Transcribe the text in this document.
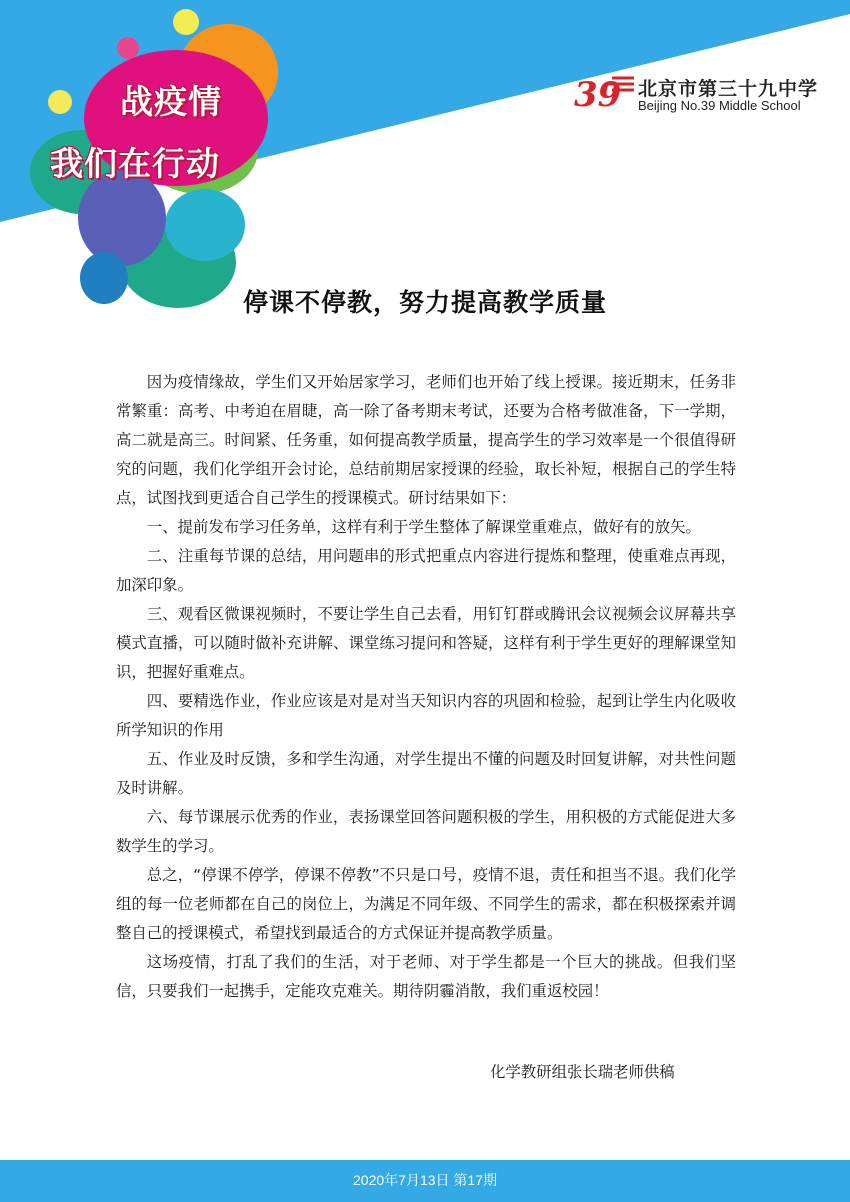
战疫情
我们在行动
39 北京市第三十九中学
Beijing No.39 Middle School
停课不停教，努力提高教学质量

因为疫情缘故，学生们又开始居家学习，老师们也开始了线上授课。接近期末，任务非常繁重：高考、中考迫在眉睫，高一除了备考期末考试，还要为合格考做准备，下一学期，高二就是高三。时间紧、任务重，如何提高教学质量，提高学生的学习效率是一个很值得研究的问题，我们化学组开会讨论，总结前期居家授课的经验，取长补短，根据自己的学生特点，试图找到更适合自己学生的授课模式。研讨结果如下：

一、提前发布学习任务单，这样有利于学生整体了解课堂重难点，做好有的放矢。

二、注重每节课的总结，用问题串的形式把重点内容进行提炼和整理，使重难点再现，加深印象。

三、观看区微课视频时，不要让学生自己去看，用钉钉群或腾讯会议视频会议屏幕共享模式直播，可以随时做补充讲解、课堂练习提问和答疑，这样有利于学生更好的理解课堂知识，把握好重难点。

四、要精选作业，作业应该是对是对当天知识内容的巩固和检验，起到让学生内化吸收所学知识的作用

五、作业及时反馈，多和学生沟通，对学生提出不懂的问题及时回复讲解，对共性问题及时讲解。

六、每节课展示优秀的作业，表扬课堂回答问题积极的学生，用积极的方式能促进大多数学生的学习。

总之，“停课不停学，停课不停教”不只是口号，疫情不退，责任和担当不退。我们化学组的每一位老师都在自己的岗位上，为满足不同年级、不同学生的需求，都在积极探索并调整自己的授课模式，希望找到最适合的方式保证并提高教学质量。

这场疫情，打乱了我们的生活，对于老师、对于学生都是一个巨大的挑战。但我们坚信，只要我们一起携手，定能攻克难关。期待阴霾消散，我们重返校园！

化学教研组张长瑞老师供稿
2020年7月13日 第17期
